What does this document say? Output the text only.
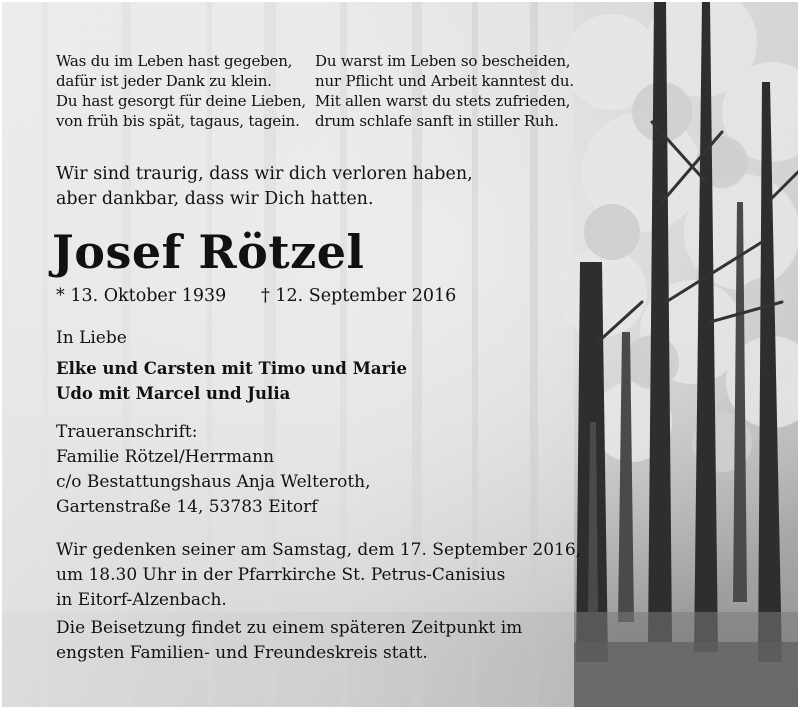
Was du im Leben hast gegeben,
dafür ist jeder Dank zu klein.
Du hast gesorgt für deine Lieben,
von früh bis spät, tagaus, tagein.
Du warst im Leben so bescheiden,
nur Pflicht und Arbeit kanntest du.
Mit allen warst du stets zufrieden,
drum schlafe sanft in stiller Ruh.
Wir sind traurig, dass wir dich verloren haben,
aber dankbar, dass wir Dich hatten.
Josef Rötzel
* 13. Oktober 1939 † 12. September 2016
In Liebe
Elke und Carsten mit Timo und Marie
Udo mit Marcel und Julia
Traueranschrift:
Familie Rötzel/Herrmann
c/o Bestattungshaus Anja Welteroth,
Gartenstraße 14, 53783 Eitorf
Wir gedenken seiner am Samstag, dem 17. September 2016,
um 18.30 Uhr in der Pfarrkirche St. Petrus-Canisius
in Eitorf-Alzenbach.
Die Beisetzung findet zu einem späteren Zeitpunkt im
engsten Familien- und Freundeskreis statt.
